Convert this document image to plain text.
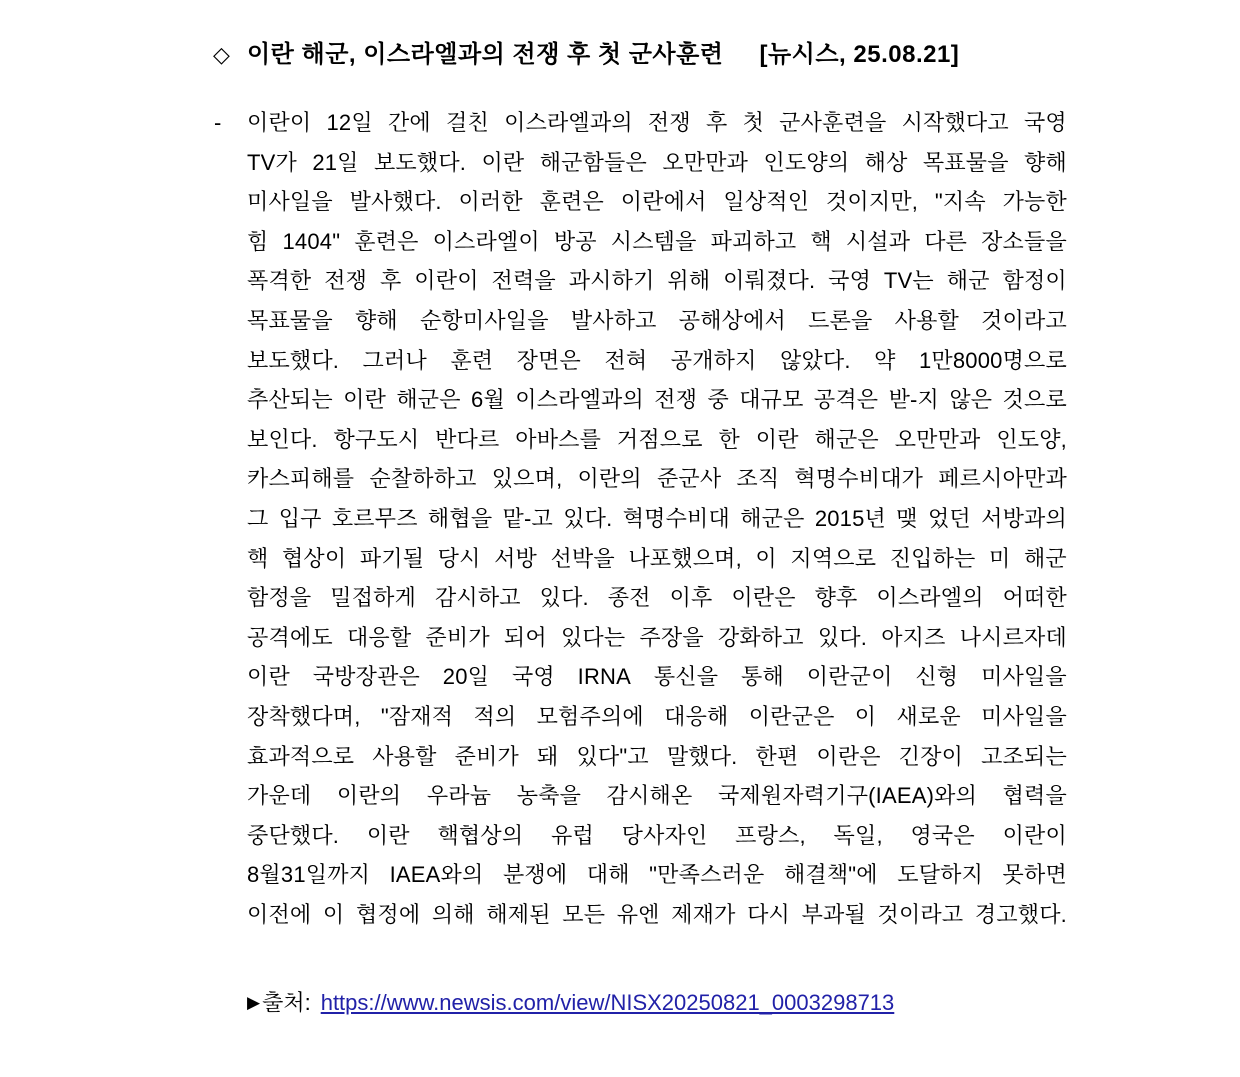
◇ 이란 해군, 이스라엘과의 전쟁 후 첫 군사훈련 [뉴시스, 25.08.21]
- 이란이 12일 간에 걸친 이스라엘과의 전쟁 후 첫 군사훈련을 시작했다고 국영
TV가 21일 보도했다. 이란 해군함들은 오만만과 인도양의 해상 목표물을 향해
미사일을 발사했다. 이러한 훈련은 이란에서 일상적인 것이지만, "지속 가능한
힘 1404" 훈련은 이스라엘이 방공 시스템을 파괴하고 핵 시설과 다른 장소들을
폭격한 전쟁 후 이란이 전력을 과시하기 위해 이뤄졌다. 국영 TV는 해군 함정이
목표물을 향해 순항미사일을 발사하고 공해상에서 드론을 사용할 것이라고
보도했다. 그러나 훈련 장면은 전혀 공개하지 않았다. 약 1만8000명으로
추산되는 이란 해군은 6월 이스라엘과의 전쟁 중 대규모 공격은 받-지 않은 것으로
보인다. 항구도시 반다르 아바스를 거점으로 한 이란 해군은 오만만과 인도양,
카스피해를 순찰하하고 있으며, 이란의 준군사 조직 혁명수비대가 페르시아만과
그 입구 호르무즈 해협을 맡-고 있다. 혁명수비대 해군은 2015년 맺 었던 서방과의
핵 협상이 파기될 당시 서방 선박을 나포했으며, 이 지역으로 진입하는 미 해군
함정을 밀접하게 감시하고 있다. 종전 이후 이란은 향후 이스라엘의 어떠한
공격에도 대응할 준비가 되어 있다는 주장을 강화하고 있다. 아지즈 나시르자데
이란 국방장관은 20일 국영 IRNA 통신을 통해 이란군이 신형 미사일을
장착했다며, "잠재적 적의 모험주의에 대응해 이란군은 이 새로운 미사일을
효과적으로 사용할 준비가 돼 있다"고 말했다. 한편 이란은 긴장이 고조되는
가운데 이란의 우라늄 농축을 감시해온 국제원자력기구(IAEA)와의 협력을
중단했다. 이란 핵협상의 유럽 당사자인 프랑스, 독일, 영국은 이란이
8월31일까지 IAEA와의 분쟁에 대해 "만족스러운 해결책"에 도달하지 못하면
이전에 이 협정에 의해 해제된 모든 유엔 제재가 다시 부과될 것이라고 경고했다.
▶ 출처: https://www.newsis.com/view/NISX20250821_0003298713
